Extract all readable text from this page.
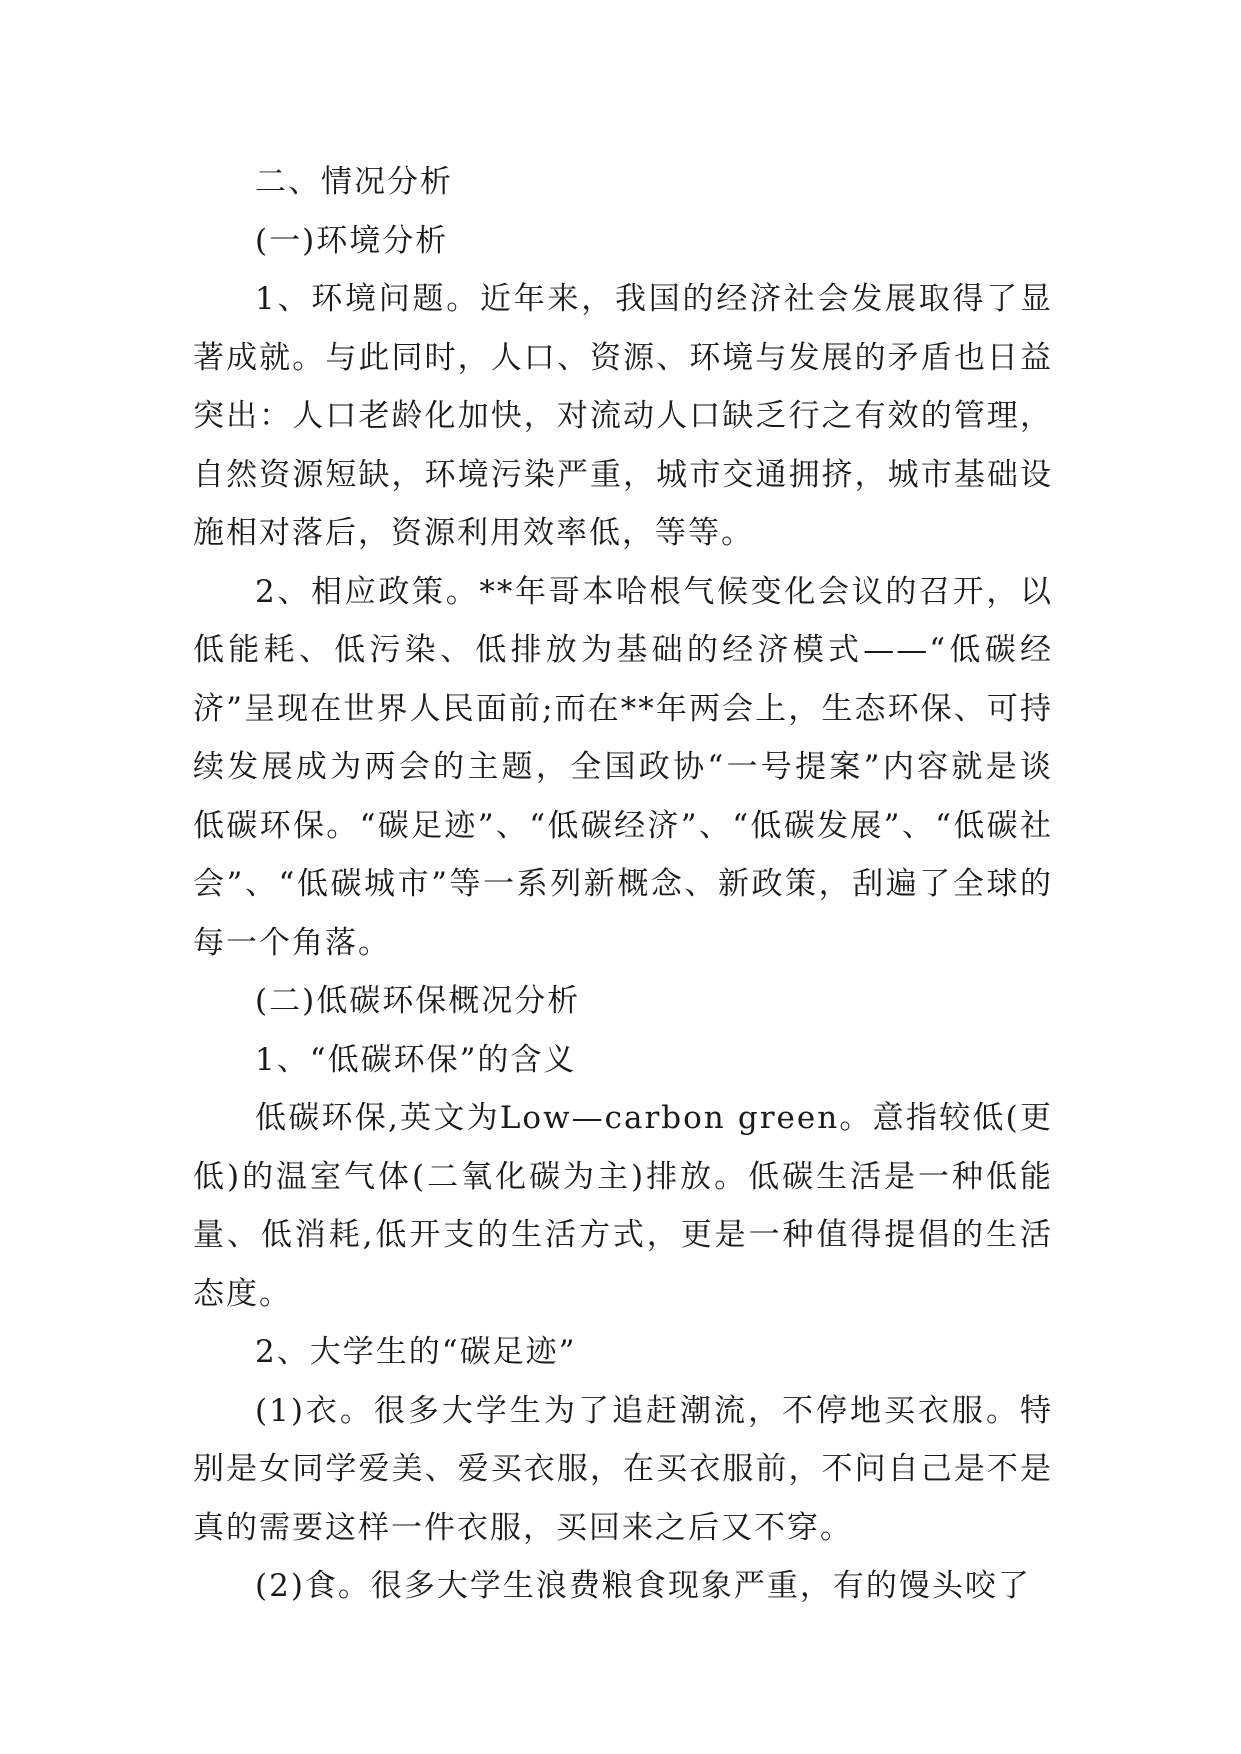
二、情况分析

(一)环境分析

1、环境问题。近年来，我国的经济社会发展取得了显著成就。与此同时，人口、资源、环境与发展的矛盾也日益突出：人口老龄化加快，对流动人口缺乏行之有效的管理，自然资源短缺，环境污染严重，城市交通拥挤，城市基础设施相对落后，资源利用效率低，等等。

2、相应政策。**年哥本哈根气候变化会议的召开，以低能耗、低污染、低排放为基础的经济模式——“低碳经济”呈现在世界人民面前;而在**年两会上，生态环保、可持续发展成为两会的主题，全国政协“一号提案”内容就是谈低碳环保。“碳足迹”、“低碳经济”、“低碳发展”、“低碳社会”、“低碳城市”等一系列新概念、新政策，刮遍了全球的每一个角落。

(二)低碳环保概况分析

1、“低碳环保”的含义

低碳环保,英文为Low—carbon green。意指较低(更低)的温室气体(二氧化碳为主)排放。低碳生活是一种低能量、低消耗,低开支的生活方式，更是一种值得提倡的生活态度。

2、大学生的“碳足迹”

(1)衣。很多大学生为了追赶潮流，不停地买衣服。特别是女同学爱美、爱买衣服，在买衣服前，不问自己是不是真的需要这样一件衣服，买回来之后又不穿。

(2)食。很多大学生浪费粮食现象严重，有的馒头咬了
